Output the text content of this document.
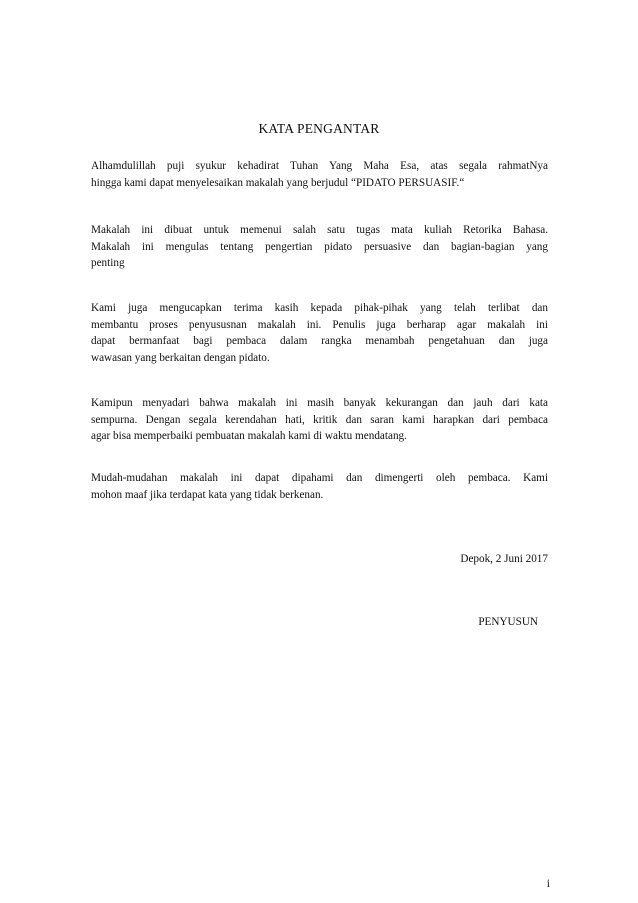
KATA PENGANTAR

Alhamdulillah puji syukur kehadirat Tuhan Yang Maha Esa, atas segala rahmatNya
hingga kami dapat menyelesaikan makalah yang berjudul “PIDATO PERSUASIF.“

Makalah ini dibuat untuk memenui salah satu tugas mata kuliah Retorika Bahasa.
Makalah ini mengulas tentang pengertian pidato persuasive dan bagian-bagian yang
penting

Kami juga mengucapkan terima kasih kepada pihak-pihak yang telah terlibat dan
membantu proses penyususnan makalah ini. Penulis juga berharap agar makalah ini
dapat bermanfaat bagi pembaca dalam rangka menambah pengetahuan dan juga
wawasan yang berkaitan dengan pidato.

Kamipun menyadari bahwa makalah ini masih banyak kekurangan dan jauh dari kata
sempurna. Dengan segala kerendahan hati, kritik dan saran kami harapkan dari pembaca
agar bisa memperbaiki pembuatan makalah kami di waktu mendatang.

Mudah-mudahan makalah ini dapat dipahami dan dimengerti oleh pembaca. Kami
mohon maaf jika terdapat kata yang tidak berkenan.

Depok, 2 Juni 2017

PENYUSUN

i
